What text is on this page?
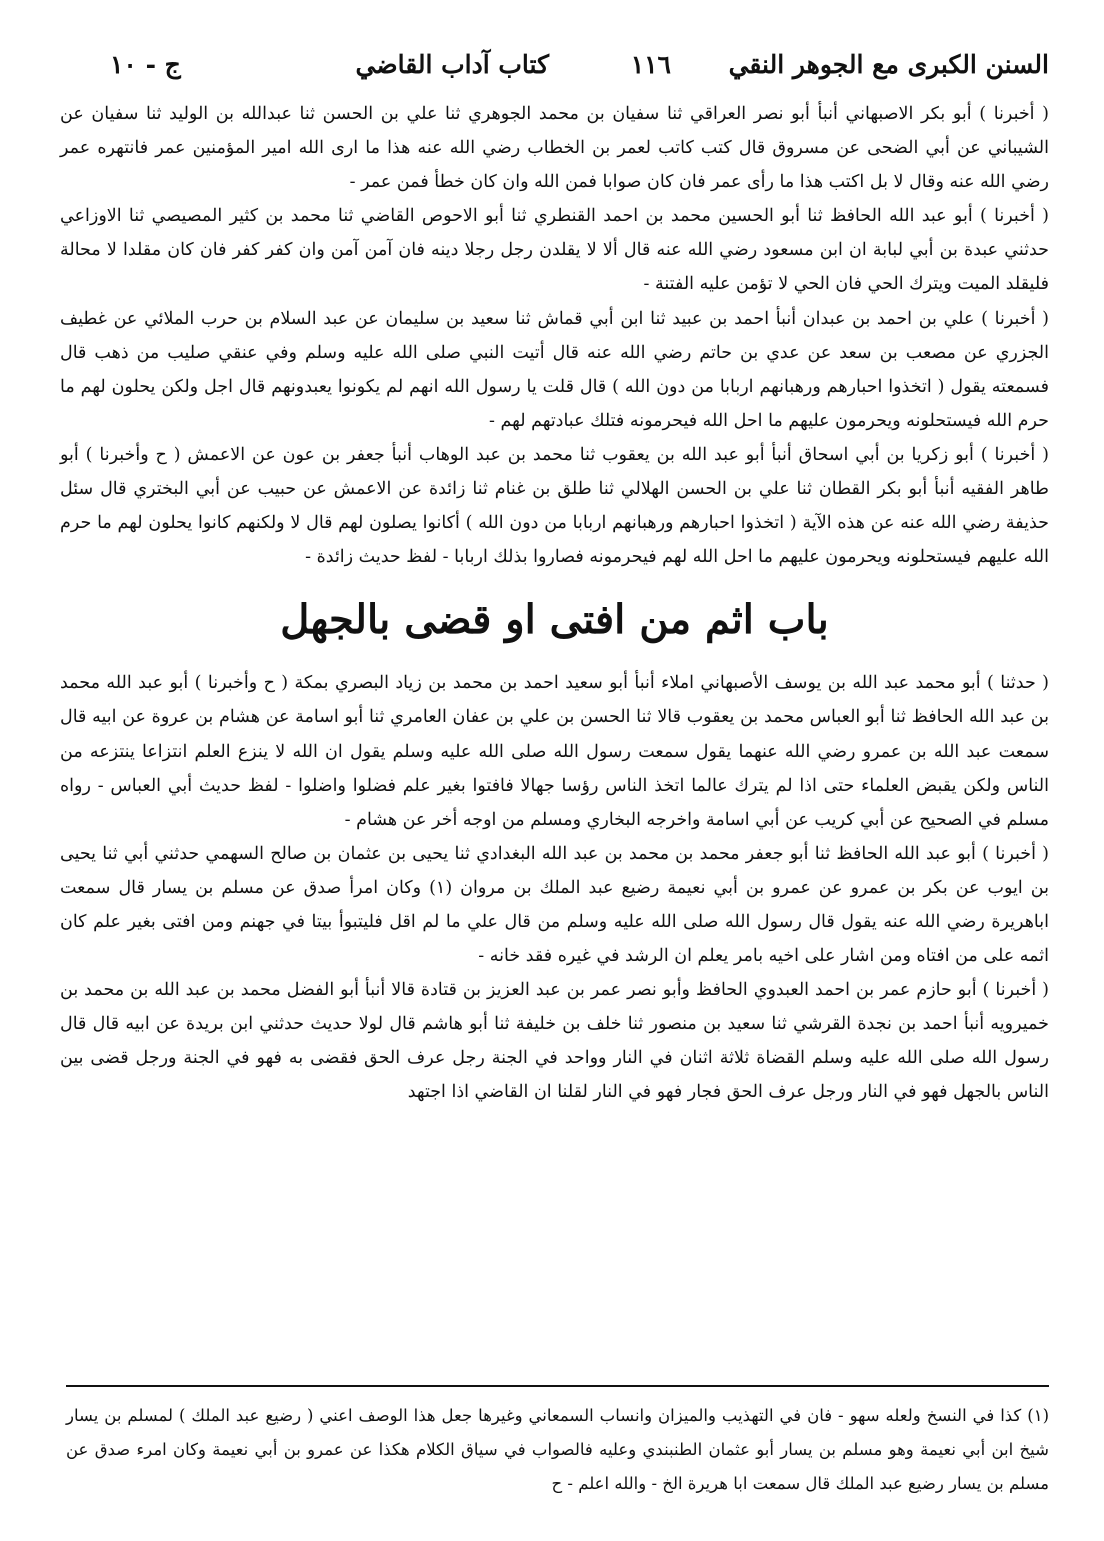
السنن الكبرى مع الجوهر النقي
١١٦
كتاب آداب القاضي
ج - ١٠

( أخبرنا ) أبو بكر الاصبهاني أنبأ أبو نصر العراقي ثنا سفيان بن محمد الجوهري ثنا علي بن الحسن ثنا عبدالله بن الوليد ثنا سفيان عن الشيباني عن أبي الضحى عن مسروق قال كتب كاتب لعمر بن الخطاب رضي الله عنه هذا ما ارى الله امير المؤمنين عمر فانتهره عمر رضي الله عنه وقال لا بل اكتب هذا ما رأى عمر فان كان صوابا فمن الله وان كان خطأ فمن عمر -

( أخبرنا ) أبو عبد الله الحافظ ثنا أبو الحسين محمد بن احمد القنطري ثنا أبو الاحوص القاضي ثنا محمد بن كثير المصيصي ثنا الاوزاعي حدثني عبدة بن أبي لبابة ان ابن مسعود رضي الله عنه قال ألا لا يقلدن رجل رجلا دينه فان آمن آمن وان كفر كفر فان كان مقلدا لا محالة فليقلد الميت ويترك الحي فان الحي لا تؤمن عليه الفتنة -

( أخبرنا ) علي بن احمد بن عبدان أنبأ احمد بن عبيد ثنا ابن أبي قماش ثنا سعيد بن سليمان عن عبد السلام بن حرب الملائي عن غطيف الجزري عن مصعب بن سعد عن عدي بن حاتم رضي الله عنه قال أتيت النبي صلى الله عليه وسلم وفي عنقي صليب من ذهب قال فسمعته يقول ( اتخذوا احبارهم ورهبانهم اربابا من دون الله ) قال قلت يا رسول الله انهم لم يكونوا يعبدونهم قال اجل ولكن يحلون لهم ما حرم الله فيستحلونه ويحرمون عليهم ما احل الله فيحرمونه فتلك عبادتهم لهم -

( أخبرنا ) أبو زكريا بن أبي اسحاق أنبأ أبو عبد الله بن يعقوب ثنا محمد بن عبد الوهاب أنبأ جعفر بن عون عن الاعمش ( ح وأخبرنا ) أبو طاهر الفقيه أنبأ أبو بكر القطان ثنا علي بن الحسن الهلالي ثنا طلق بن غنام ثنا زائدة عن الاعمش عن حبيب عن أبي البختري قال سئل حذيفة رضي الله عنه عن هذه الآية ( اتخذوا احبارهم ورهبانهم اربابا من دون الله ) أكانوا يصلون لهم قال لا ولكنهم كانوا يحلون لهم ما حرم الله عليهم فيستحلونه ويحرمون عليهم ما احل الله لهم فيحرمونه فصاروا بذلك اربابا - لفظ حديث زائدة -

باب اثم من افتى او قضى بالجهل

( حدثنا ) أبو محمد عبد الله بن يوسف الأصبهاني املاء أنبأ أبو سعيد احمد بن محمد بن زياد البصري بمكة ( ح وأخبرنا ) أبو عبد الله محمد بن عبد الله الحافظ ثنا أبو العباس محمد بن يعقوب قالا ثنا الحسن بن علي بن عفان العامري ثنا أبو اسامة عن هشام بن عروة عن ابيه قال سمعت عبد الله بن عمرو رضي الله عنهما يقول سمعت رسول الله صلى الله عليه وسلم يقول ان الله لا ينزع العلم انتزاعا ينتزعه من الناس ولكن يقبض العلماء حتى اذا لم يترك عالما اتخذ الناس رؤسا جهالا فافتوا بغير علم فضلوا واضلوا - لفظ حديث أبي العباس - رواه مسلم في الصحيح عن أبي كريب عن أبي اسامة واخرجه البخاري ومسلم من اوجه أخر عن هشام -

( أخبرنا ) أبو عبد الله الحافظ ثنا أبو جعفر محمد بن محمد بن عبد الله البغدادي ثنا يحيى بن عثمان بن صالح السهمي حدثني أبي ثنا يحيى بن ايوب عن بكر بن عمرو عن عمرو بن أبي نعيمة رضيع عبد الملك بن مروان (١) وكان امرأ صدق عن مسلم بن يسار قال سمعت اباهريرة رضي الله عنه يقول قال رسول الله صلى الله عليه وسلم من قال علي ما لم اقل فليتبوأ بيتا في جهنم ومن افتى بغير علم كان اثمه على من افتاه ومن اشار على اخيه بامر يعلم ان الرشد في غيره فقد خانه -

( أخبرنا ) أبو حازم عمر بن احمد العبدوي الحافظ وأبو نصر عمر بن عبد العزيز بن قتادة قالا أنبأ أبو الفضل محمد بن عبد الله بن محمد بن خميرويه أنبأ احمد بن نجدة القرشي ثنا سعيد بن منصور ثنا خلف بن خليفة ثنا أبو هاشم قال لولا حديث حدثني ابن بريدة عن ابيه قال قال رسول الله صلى الله عليه وسلم القضاة ثلاثة اثنان في النار وواحد في الجنة رجل عرف الحق فقضى به فهو في الجنة ورجل قضى بين الناس بالجهل فهو في النار ورجل عرف الحق فجار فهو في النار لقلنا ان القاضي اذا اجتهد

(١) كذا في النسخ ولعله سهو - فان في التهذيب والميزان وانساب السمعاني وغيرها جعل هذا الوصف اعني ( رضيع عبد الملك ) لمسلم بن يسار شيخ ابن أبي نعيمة وهو مسلم بن يسار أبو عثمان الطنبندي وعليه فالصواب في سياق الكلام هكذا عن عمرو بن أبي نعيمة وكان امرء صدق عن مسلم بن يسار رضيع عبد الملك قال سمعت ابا هريرة الخ - والله اعلم - ح
